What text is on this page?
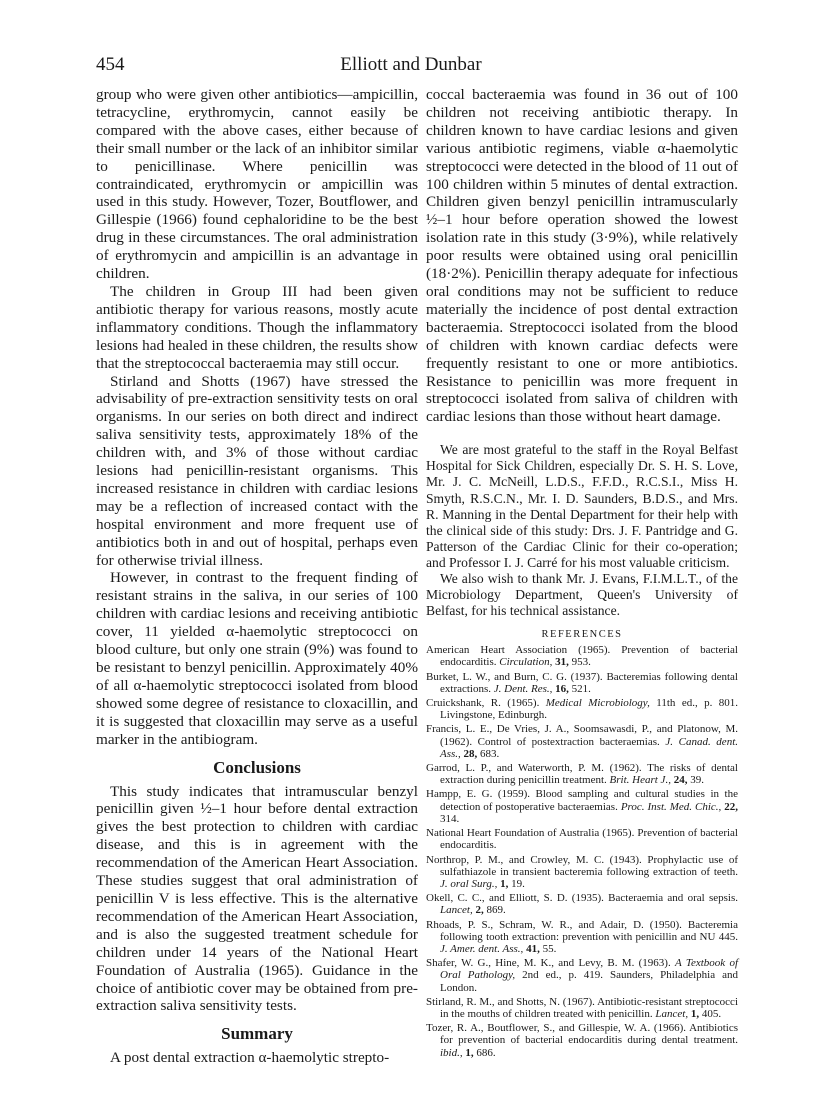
454	Elliott and Dunbar

group who were given other antibiotics—ampicillin, tetracycline, erythromycin, cannot easily be compared with the above cases, either because of their small number or the lack of an inhibitor similar to penicillinase. Where penicillin was contraindicated, erythromycin or ampicillin was used in this study. However, Tozer, Boutflower, and Gillespie (1966) found cephaloridine to be the best drug in these circumstances. The oral administration of erythromycin and ampicillin is an advantage in children.

The children in Group III had been given antibiotic therapy for various reasons, mostly acute inflammatory conditions. Though the inflammatory lesions had healed in these children, the results show that the streptococcal bacteraemia may still occur.

Stirland and Shotts (1967) have stressed the advisability of pre-extraction sensitivity tests on oral organisms. In our series on both direct and indirect saliva sensitivity tests, approximately 18% of the children with, and 3% of those without cardiac lesions had penicillin-resistant organisms. This increased resistance in children with cardiac lesions may be a reflection of increased contact with the hospital environment and more frequent use of antibiotics both in and out of hospital, perhaps even for otherwise trivial illness.

However, in contrast to the frequent finding of resistant strains in the saliva, in our series of 100 children with cardiac lesions and receiving antibiotic cover, 11 yielded α-haemolytic streptococci on blood culture, but only one strain (9%) was found to be resistant to benzyl penicillin. Approximately 40% of all α-haemolytic streptococci isolated from blood showed some degree of resistance to cloxacillin, and it is suggested that cloxacillin may serve as a useful marker in the antibiogram.

Conclusions

This study indicates that intramuscular benzyl penicillin given ½–1 hour before dental extraction gives the best protection to children with cardiac disease, and this is in agreement with the recommendation of the American Heart Association. These studies suggest that oral administration of penicillin V is less effective. This is the alternative recommendation of the American Heart Association, and is also the suggested treatment schedule for children under 14 years of the National Heart Foundation of Australia (1965). Guidance in the choice of antibiotic cover may be obtained from pre-extraction saliva sensitivity tests.

Summary

A post dental extraction α-haemolytic strepto-

coccal bacteraemia was found in 36 out of 100 children not receiving antibiotic therapy. In children known to have cardiac lesions and given various antibiotic regimens, viable α-haemolytic streptococci were detected in the blood of 11 out of 100 children within 5 minutes of dental extraction. Children given benzyl penicillin intramuscularly ½–1 hour before operation showed the lowest isolation rate in this study (3·9%), while relatively poor results were obtained using oral penicillin (18·2%). Penicillin therapy adequate for infectious oral conditions may not be sufficient to reduce materially the incidence of post dental extraction bacteraemia. Streptococci isolated from the blood of children with known cardiac defects were frequently resistant to one or more antibiotics. Resistance to penicillin was more frequent in streptococci isolated from saliva of children with cardiac lesions than those without heart damage.

We are most grateful to the staff in the Royal Belfast Hospital for Sick Children, especially Dr. S. H. S. Love, Mr. J. C. McNeill, L.D.S., F.F.D., R.C.S.I., Miss H. Smyth, R.S.C.N., Mr. I. D. Saunders, B.D.S., and Mrs. R. Manning in the Dental Department for their help with the clinical side of this study: Drs. J. F. Pantridge and G. Patterson of the Cardiac Clinic for their co-operation; and Professor I. J. Carré for his most valuable criticism.

We also wish to thank Mr. J. Evans, F.I.M.L.T., of the Microbiology Department, Queen's University of Belfast, for his technical assistance.

REFERENCES

American Heart Association (1965). Prevention of bacterial endocarditis. Circulation, 31, 953.

Burket, L. W., and Burn, C. G. (1937). Bacteremias following dental extractions. J. Dent. Res., 16, 521.

Cruickshank, R. (1965). Medical Microbiology, 11th ed., p. 801. Livingstone, Edinburgh.

Francis, L. E., De Vries, J. A., Soomsawasdi, P., and Platonow, M. (1962). Control of postextraction bacteraemias. J. Canad. dent. Ass., 28, 683.

Garrod, L. P., and Waterworth, P. M. (1962). The risks of dental extraction during penicillin treatment. Brit. Heart J., 24, 39.

Hampp, E. G. (1959). Blood sampling and cultural studies in the detection of postoperative bacteraemias. Proc. Inst. Med. Chic., 22, 314.

National Heart Foundation of Australia (1965). Prevention of bacterial endocarditis.

Northrop, P. M., and Crowley, M. C. (1943). Prophylactic use of sulfathiazole in transient bacteremia following extraction of teeth. J. oral Surg., 1, 19.

Okell, C. C., and Elliott, S. D. (1935). Bacteraemia and oral sepsis. Lancet, 2, 869.

Rhoads, P. S., Schram, W. R., and Adair, D. (1950). Bacteremia following tooth extraction: prevention with penicillin and NU 445. J. Amer. dent. Ass., 41, 55.

Shafer, W. G., Hine, M. K., and Levy, B. M. (1963). A Textbook of Oral Pathology, 2nd ed., p. 419. Saunders, Philadelphia and London.

Stirland, R. M., and Shotts, N. (1967). Antibiotic-resistant streptococci in the mouths of children treated with penicillin. Lancet, 1, 405.

Tozer, R. A., Boutflower, S., and Gillespie, W. A. (1966). Antibiotics for prevention of bacterial endocarditis during dental treatment. ibid., 1, 686.
